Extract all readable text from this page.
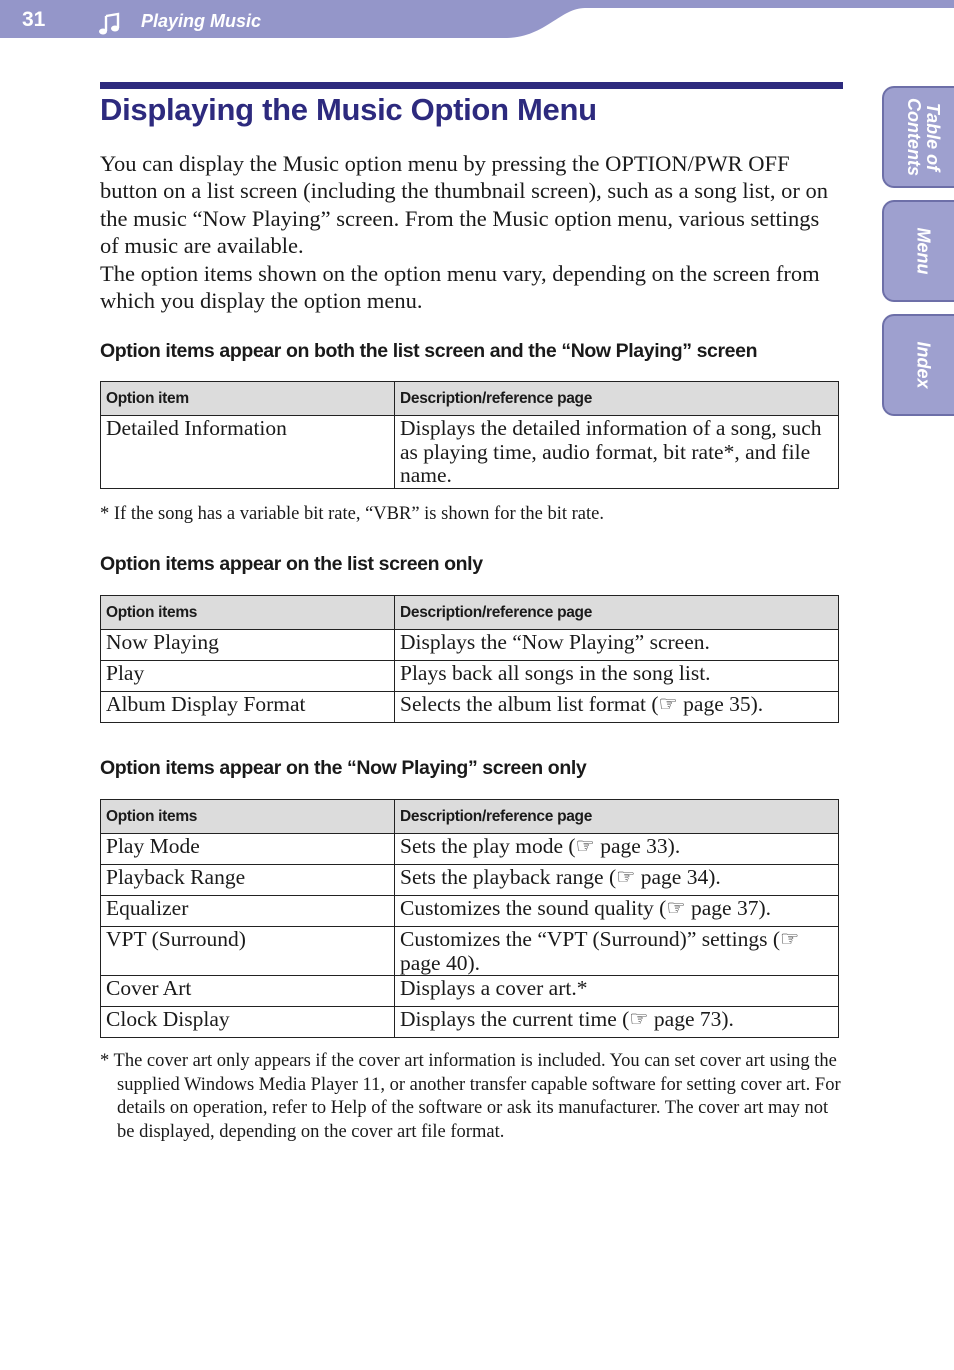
31	Playing Music
Displaying the Music Option Menu

You can display the Music option menu by pressing the OPTION/PWR OFF button on a list screen (including the thumbnail screen), such as a song list, or on the music “Now Playing” screen. From the Music option menu, various settings of music are available.

The option items shown on the option menu vary, depending on the screen from which you display the option menu.

Option items appear on both the list screen and the “Now Playing” screen
Option item	Description/reference page
Detailed Information	Displays the detailed information of a song, such as playing time, audio format, bit rate*, and file name.

* If the song has a variable bit rate, “VBR” is shown for the bit rate.

Option items appear on the list screen only
Option items	Description/reference page
Now Playing	Displays the “Now Playing” screen.
Play	Plays back all songs in the song list.
Album Display Format	Selects the album list format (☞ page 35).
Option items appear on the “Now Playing” screen only
Option items	Description/reference page
Play Mode	Sets the play mode (☞ page 33).
Playback Range	Sets the playback range (☞ page 34).
Equalizer	Customizes the sound quality (☞ page 37).
VPT (Surround)	Customizes the “VPT (Surround)” settings (☞ page 40).
Cover Art	Displays a cover art.*
Clock Display	Displays the current time (☞ page 73).

* The cover art only appears if the cover art information is included. You can set cover art using the supplied Windows Media Player 11, or another transfer capable software for setting cover art. For details on operation, refer to Help of the software or ask its manufacturer. The cover art may not be displayed, depending on the cover art file format.

Table of
Contents
Menu
Index
